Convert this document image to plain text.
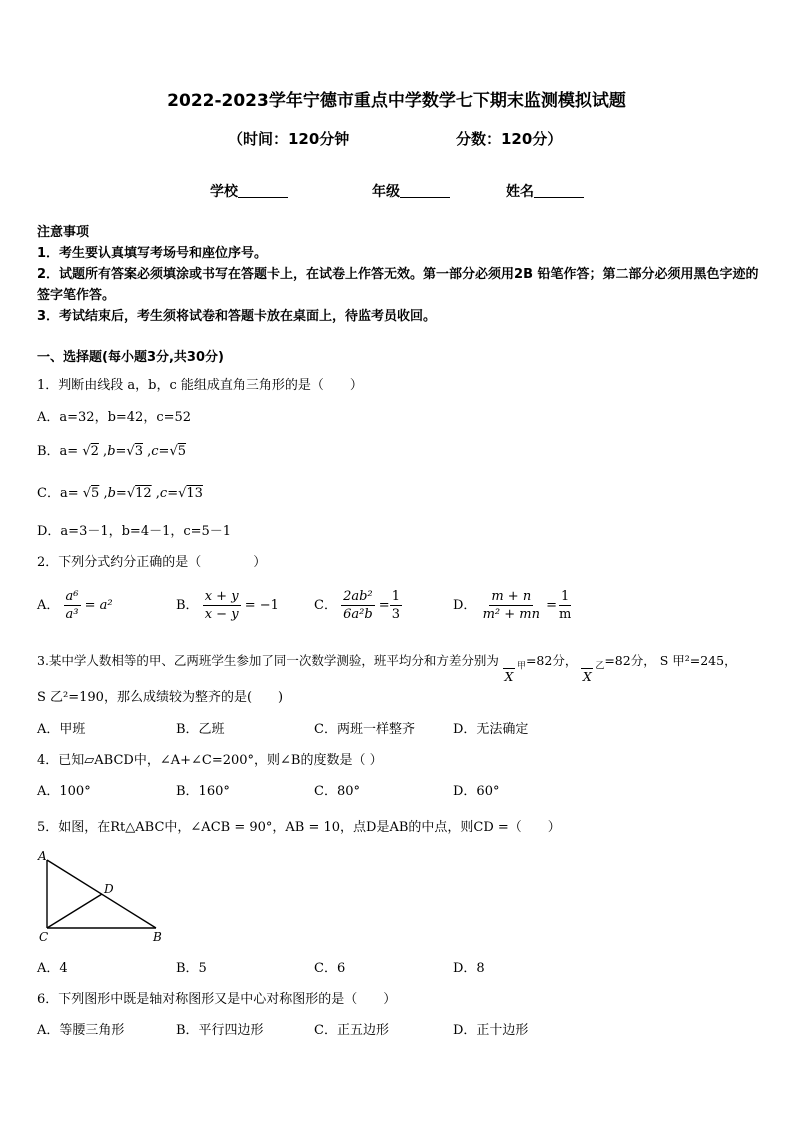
2022-2023学年宁德市重点中学数学七下期末监测模拟试题
（时间：120分钟	分数：120分）
学校	年级	姓名

注意事项

1．考生要认真填写考场号和座位序号。

2．试题所有答案必须填涂或书写在答题卡上，在试卷上作答无效。第一部分必须用2B 铅笔作答；第二部分必须用黑色字迹的签字笔作答。

3．考试结束后，考生须将试卷和答题卡放在桌面上，待监考员收回。

一、选择题(每小题3分,共30分)
1．判断由线段 a，b，c 能组成直角三角形的是（　　）
A．a=32，b=42，c=52
B．a= √2 ,b=√3 ,c=√5
C．a= √5 ,b=√12 ,c=√13
D．a=3－1，b=4－1，c=5－1
2．下列分式约分正确的是（　　　　）
A． $\frac{\text{a⁶}}{\text{a³}} = a^2$	B． $\frac{x + y}{x - y} = -1$	C． $\frac{\text{2ab²}}{\text{6a²b}} = \frac{1}{3}$	D． $\frac{m + n}{\text{m² + mn}} = \frac{1}{m}$
3.某中学人数相等的甲、乙两班学生参加了同一次数学测验，班平均分和方差分别为
X
$_甲$=82分，
X
$_乙$=82分， S 甲²=245，
S 乙²=190，那么成绩较为整齐的是(　　)
A．甲班	B．乙班	C．两班一样整齐	D．无法确定
4．已知▱ABCD中，∠A+∠C=200°，则∠B的度数是（ ）
A．100°	B．160°	C．80°	D．60°
5．如图，在Rt△ABC中，∠ACB = 90°，AB = 10，点D是AB的中点，则CD =（　　）
A
D
C	B
A．4	B．5	C．6	D．8
6．下列图形中既是轴对称图形又是中心对称图形的是（　　）
A．等腰三角形	B．平行四边形	C．正五边形	D．正十边形
